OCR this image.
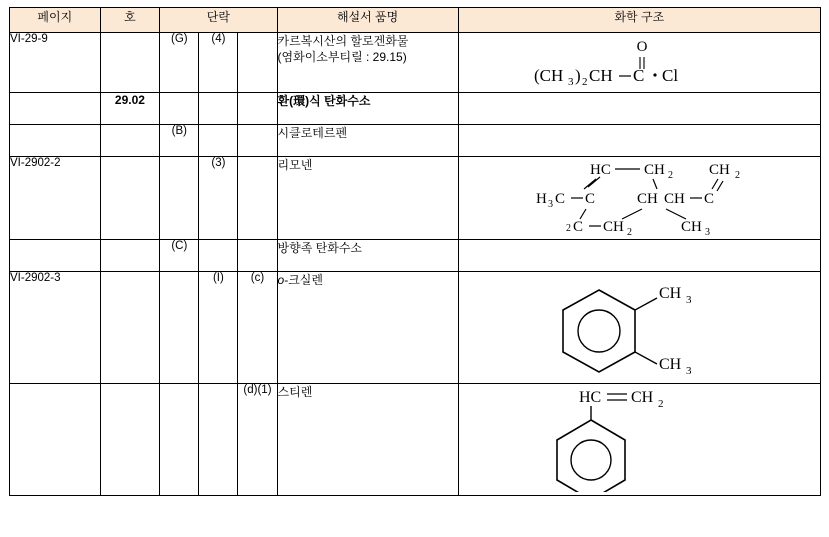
페이지	호	단락			해설서 품명	화학 구조
VI-29-9		(G)	(4)		카르복시산의 할로겐화물
(염화이소부티릴 : 29.15)

O
(CH 3 ) 2 CH C Cl

	29.02				환(環)식 탄화수소	
		(B)			시클로테르펜	
VI-2902-2			(3)		리모넨	HC CH 2 CH 2
H 3 C C	CH CH C
2 C CH 2	CH 3

		(C)			방향족 탄화수소	
VI-2902-3			(I)	(c)	o-크실렌	CH 3
CH 3

				(d)(1)	스티렌	HC CH 2
